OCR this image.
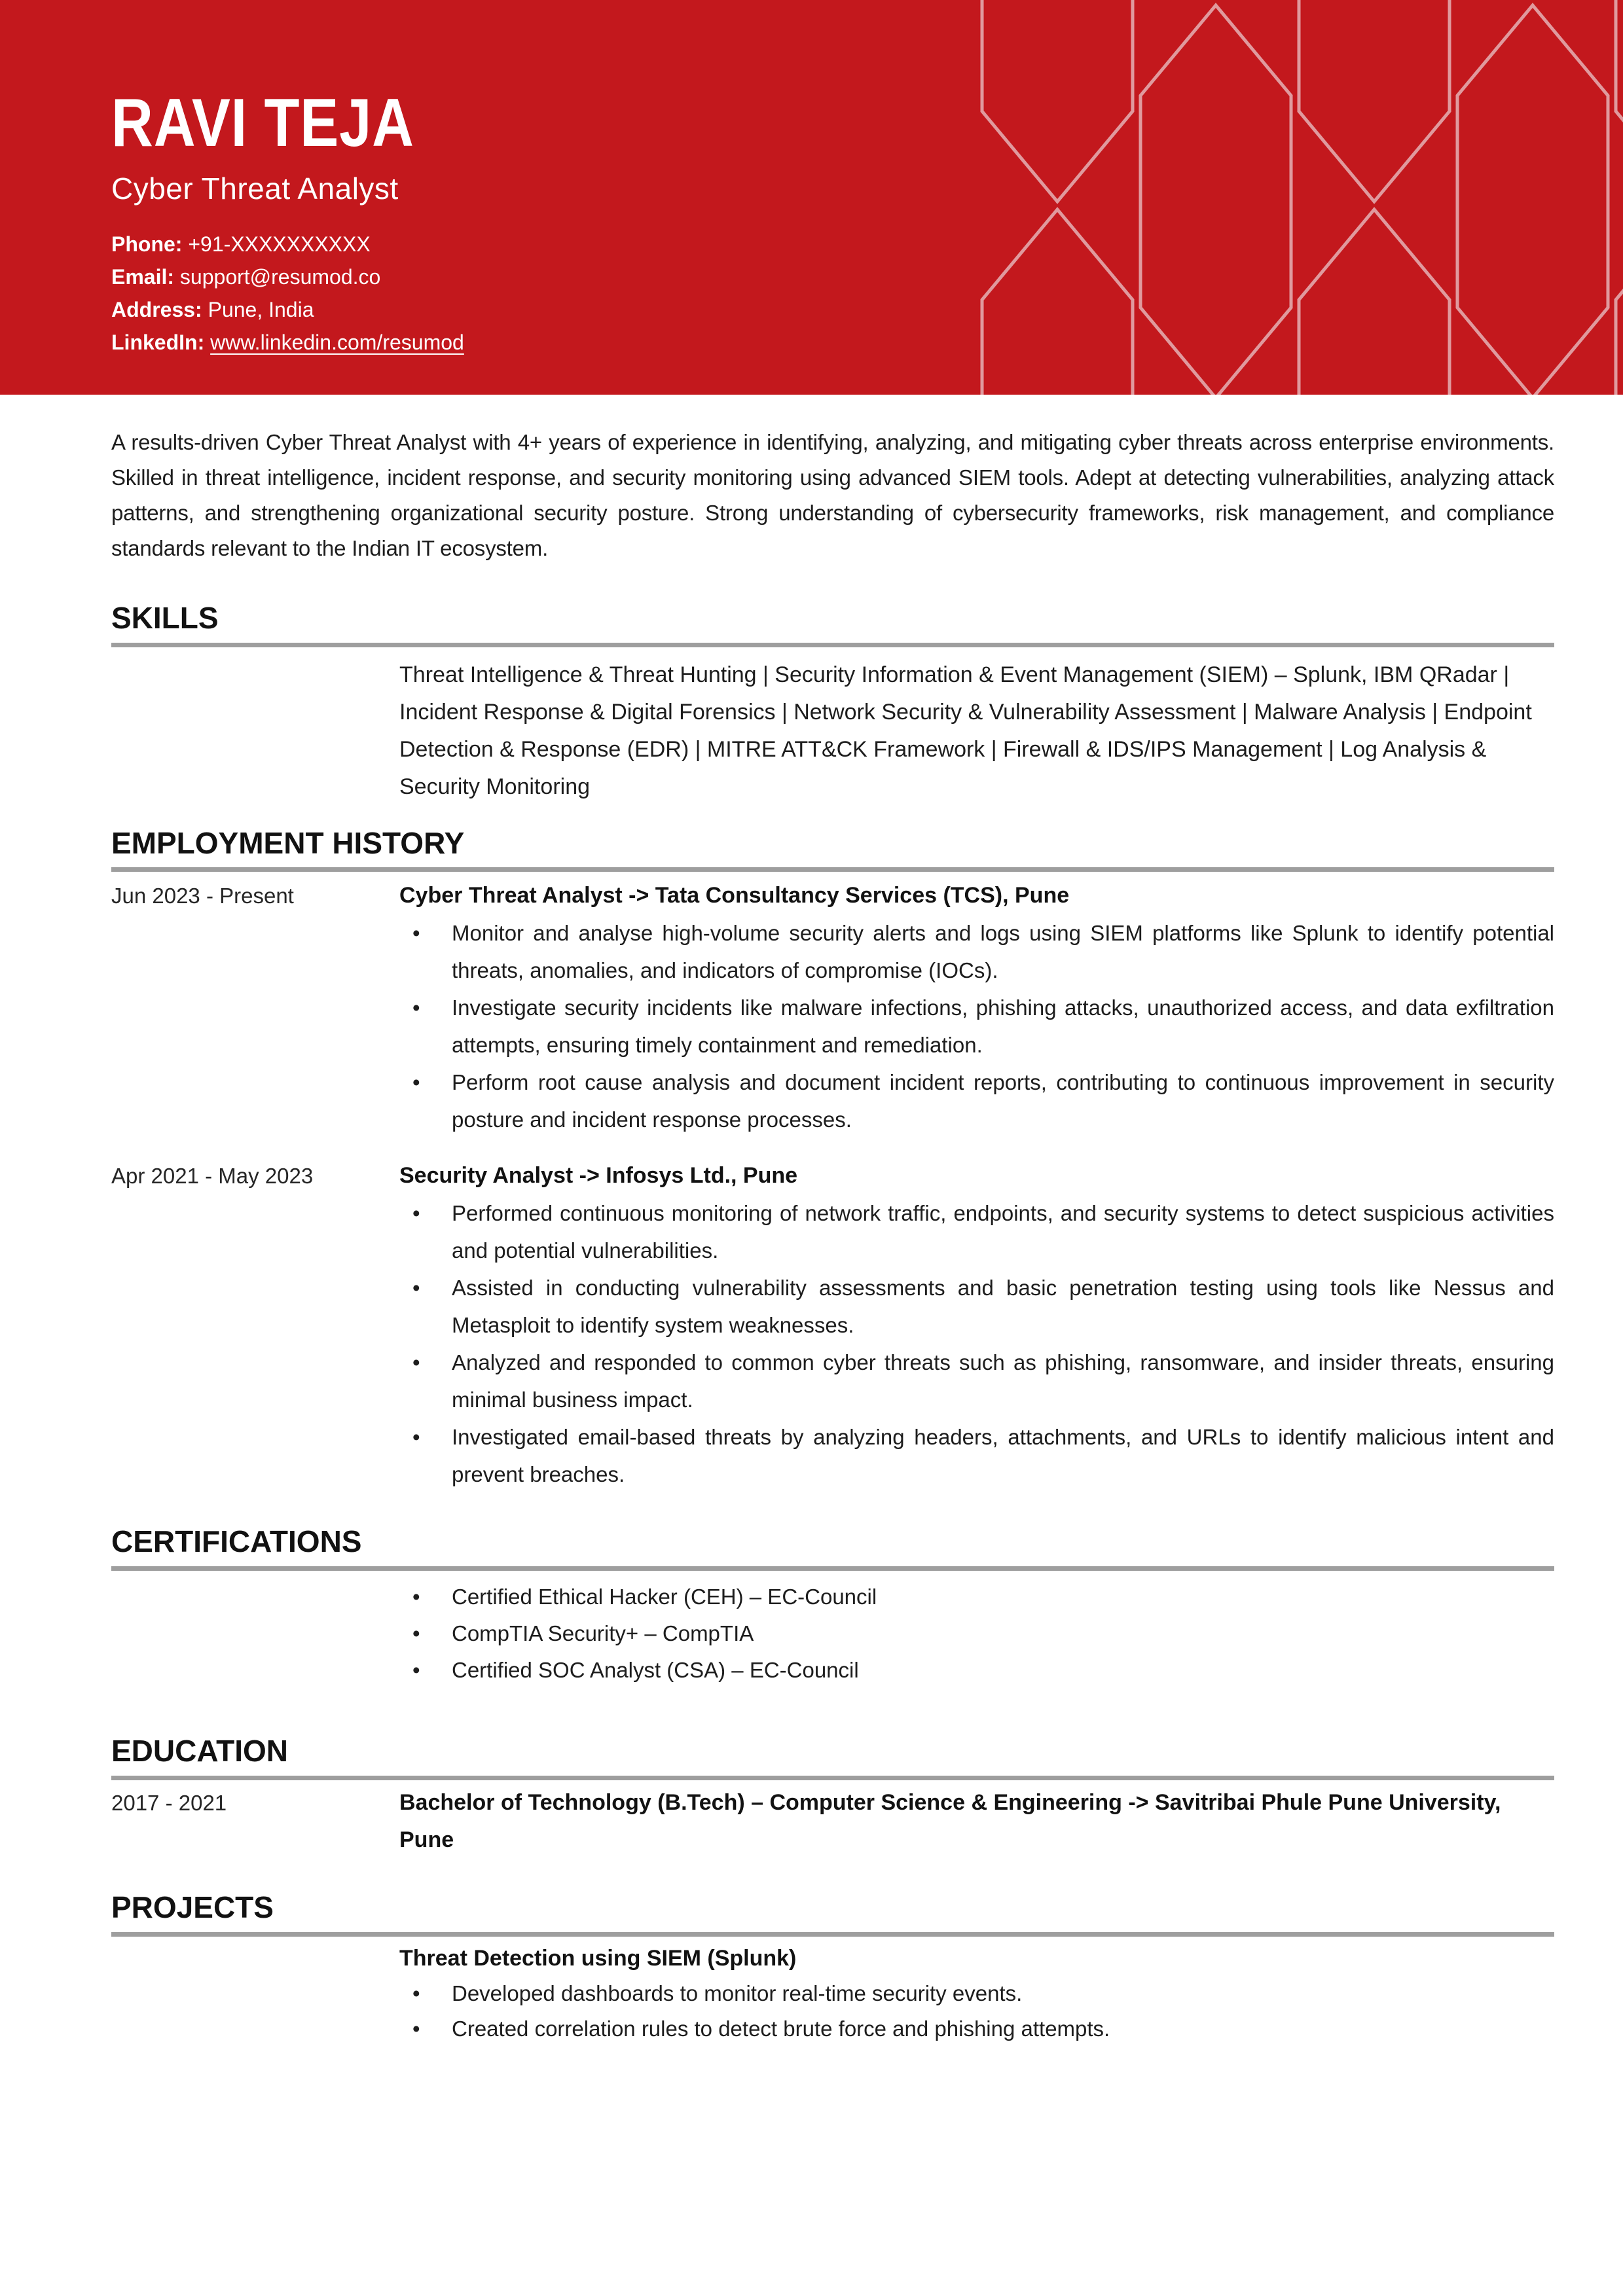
RAVI TEJA
Cyber Threat Analyst
Phone: +91-XXXXXXXXXX
Email: support@resumod.co
Address: Pune, India
LinkedIn: www.linkedin.com/resumod

A results-driven Cyber Threat Analyst with 4+ years of experience in identifying, analyzing, and mitigating cyber threats across enterprise environments. Skilled in threat intelligence, incident response, and security monitoring using advanced SIEM tools. Adept at detecting vulnerabilities, analyzing attack patterns, and strengthening organizational security posture. Strong understanding of cybersecurity frameworks, risk management, and compliance standards relevant to the Indian IT ecosystem.

SKILLS
Threat Intelligence & Threat Hunting | Security Information & Event Management (SIEM) – Splunk, IBM QRadar | Incident Response & Digital Forensics | Network Security & Vulnerability Assessment | Malware Analysis | Endpoint Detection & Response (EDR) | MITRE ATT&CK Framework | Firewall & IDS/IPS Management | Log Analysis & Security Monitoring
EMPLOYMENT HISTORY
Jun 2023 - Present	Cyber Threat Analyst -> Tata Consultancy Services (TCS), Pune
• Monitor and analyse high-volume security alerts and logs using SIEM platforms like Splunk to identify potential threats, anomalies, and indicators of compromise (IOCs).
• Investigate security incidents like malware infections, phishing attacks, unauthorized access, and data exfiltration attempts, ensuring timely containment and remediation.
• Perform root cause analysis and document incident reports, contributing to continuous improvement in security posture and incident response processes.
Apr 2021 - May 2023	Security Analyst -> Infosys Ltd., Pune
• Performed continuous monitoring of network traffic, endpoints, and security systems to detect suspicious activities and potential vulnerabilities.
• Assisted in conducting vulnerability assessments and basic penetration testing using tools like Nessus and Metasploit to identify system weaknesses.
• Analyzed and responded to common cyber threats such as phishing, ransomware, and insider threats, ensuring minimal business impact.
• Investigated email-based threats by analyzing headers, attachments, and URLs to identify malicious intent and prevent breaches.
CERTIFICATIONS
• Certified Ethical Hacker (CEH) – EC-Council
• CompTIA Security+ – CompTIA
• Certified SOC Analyst (CSA) – EC-Council
EDUCATION
2017 - 2021	Bachelor of Technology (B.Tech) – Computer Science & Engineering -> Savitribai Phule Pune University, Pune
PROJECTS
Threat Detection using SIEM (Splunk)
• Developed dashboards to monitor real-time security events.
• Created correlation rules to detect brute force and phishing attempts.
